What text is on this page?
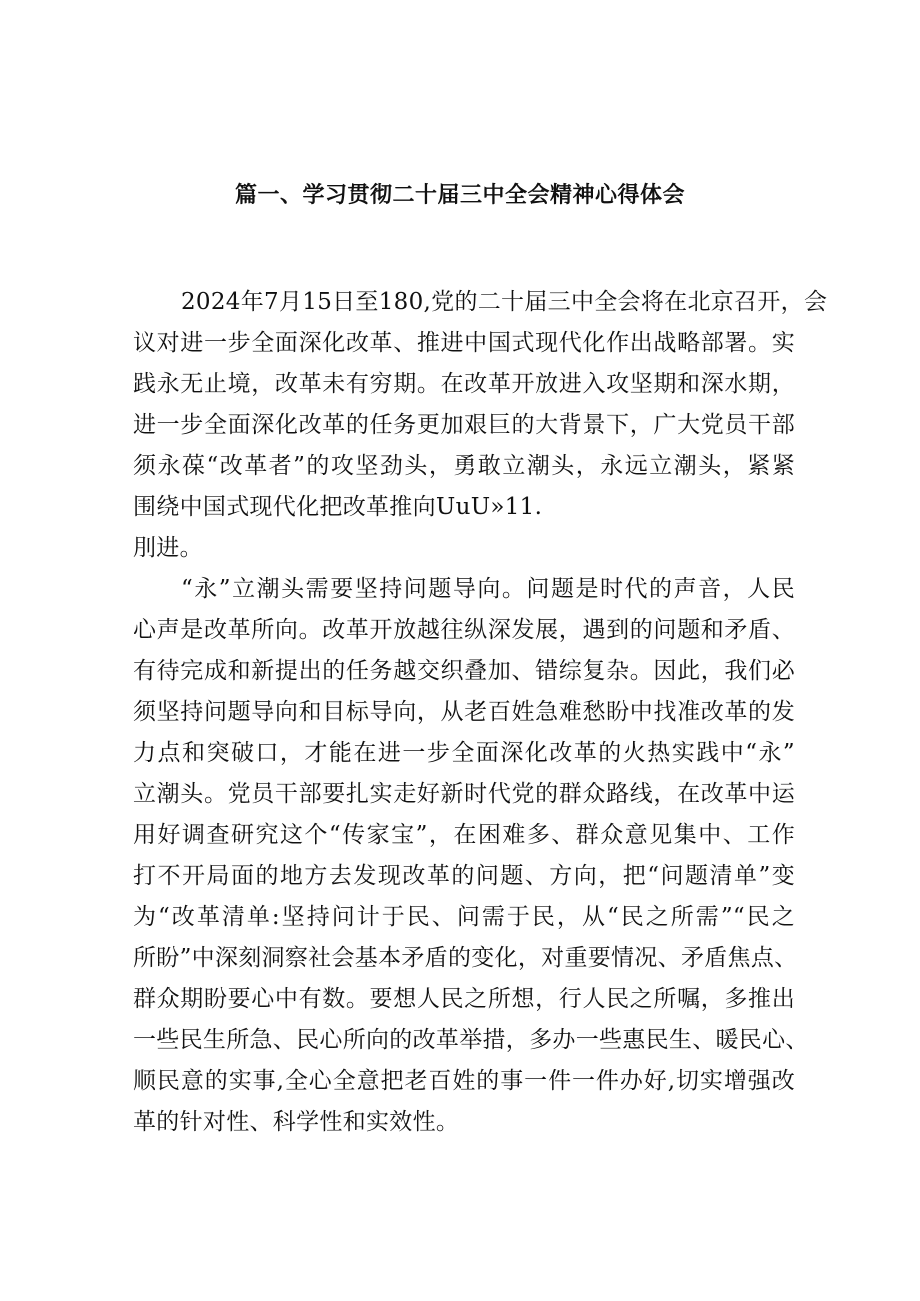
篇一、学习贯彻二十届三中全会精神心得体会

2024年7月15日至180,党的二十届三中全会将在北京召开，会

议对进一步全面深化改革、推进中国式现代化作出战略部署。实

践永无止境，改革未有穷期。在改革开放进入攻坚期和深水期，

进一步全面深化改革的任务更加艰巨的大背景下，广大党员干部

须永葆“改革者”的攻坚劲头，勇敢立潮头，永远立潮头，紧紧

围绕中国式现代化把改革推向UuU»11.

刖进。

“永”立潮头需要坚持问题导向。问题是时代的声音，人民

心声是改革所向。改革开放越往纵深发展，遇到的问题和矛盾、

有待完成和新提出的任务越交织叠加、错综复杂。因此，我们必

须坚持问题导向和目标导向，从老百姓急难愁盼中找准改革的发

力点和突破口，才能在进一步全面深化改革的火热实践中“永”

立潮头。党员干部要扎实走好新时代党的群众路线，在改革中运

用好调查研究这个“传家宝”，在困难多、群众意见集中、工作

打不开局面的地方去发现改革的问题、方向，把“问题清单”变

为“改革清单:坚持问计于民、问需于民，从“民之所需”“民之

所盼”中深刻洞察社会基本矛盾的变化，对重要情况、矛盾焦点、

群众期盼要心中有数。要想人民之所想，行人民之所嘱，多推出

一些民生所急、民心所向的改革举措，多办一些惠民生、暖民心、

顺民意的实事,全心全意把老百姓的事一件一件办好,切实增强改

革的针对性、科学性和实效性。
